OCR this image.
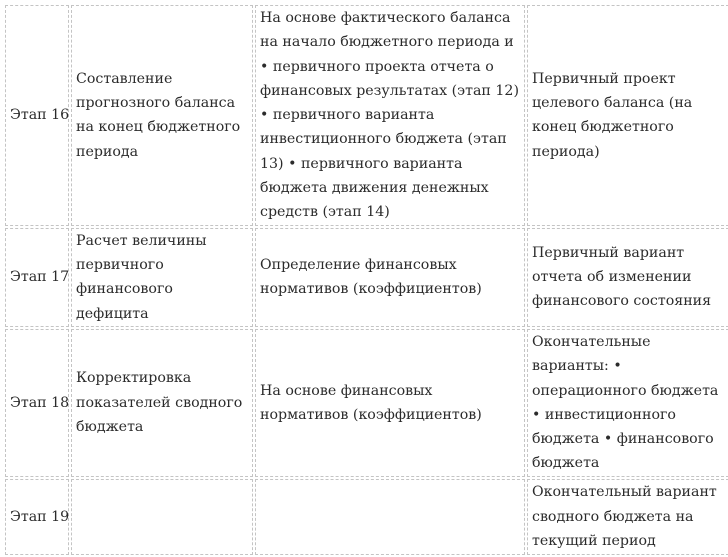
Этап 16	Составление прогнозного баланса на конец бюджетного периода	На основе фактического баланса на начало бюджетного периода и • первичного проекта отчета о финансовых результатах (этап 12) • первичного варианта инвестиционного бюджета (этап 13) • первичного варианта бюджета движения денежных средств (этап 14)	Первичный проект целевого баланса (на конец бюджетного периода)
Этап 17	Расчет величины первичного финансового дефицита	Определение финансовых нормативов (коэффициентов)	Первичный вариант отчета об изменении финансового состояния
Этап 18	Корректировка показателей сводного бюджета	На основе финансовых нормативов (коэффициентов)	Окончательные варианты: • операционного бюджета • инвестиционного бюджета • финансового бюджета
Этап 19			Окончательный вариант сводного бюджета на текущий период
